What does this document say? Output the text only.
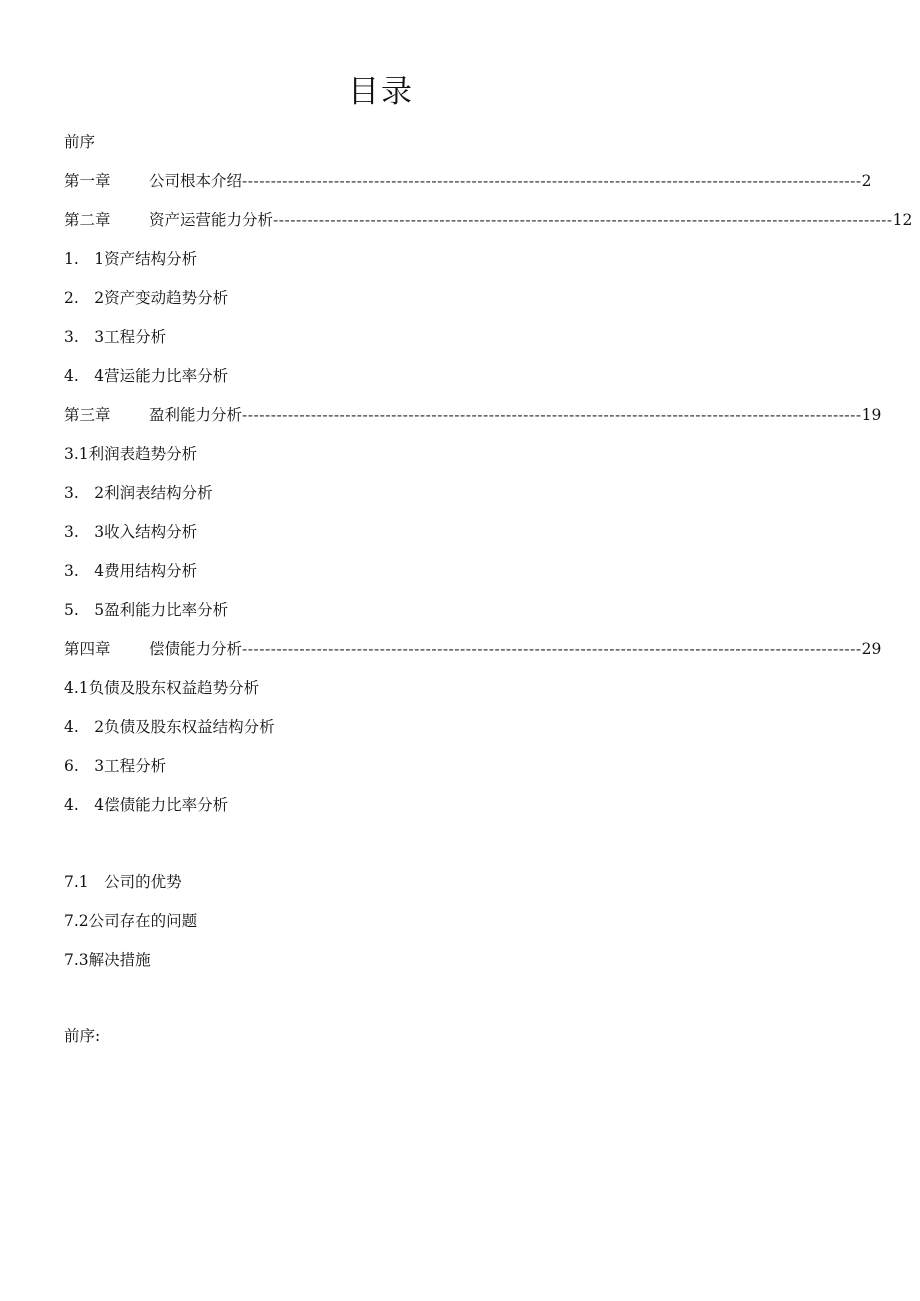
目录
前序
第一章	公司根本介绍 ------------------------------------------------------------------------------------------------------------ 2
第二章	资产运营能力分析 ------------------------------------------------------------------------------------------------------------ 12
1.　1资产结构分析
2.　2资产变动趋势分析
3.　3工程分析
4.　4营运能力比率分析
第三章	盈利能力分析 ------------------------------------------------------------------------------------------------------------ 19
3.1利润表趋势分析
3.　2利润表结构分析
3.　3收入结构分析
3.　4费用结构分析
5.　5盈利能力比率分析
第四章	偿债能力分析 ------------------------------------------------------------------------------------------------------------ 29
4.1负债及股东权益趋势分析
4.　2负债及股东权益结构分析
6.　3工程分析
4.　4偿债能力比率分析
7.1　公司的优势
7.2公司存在的问题
7.3解决措施
前序:
